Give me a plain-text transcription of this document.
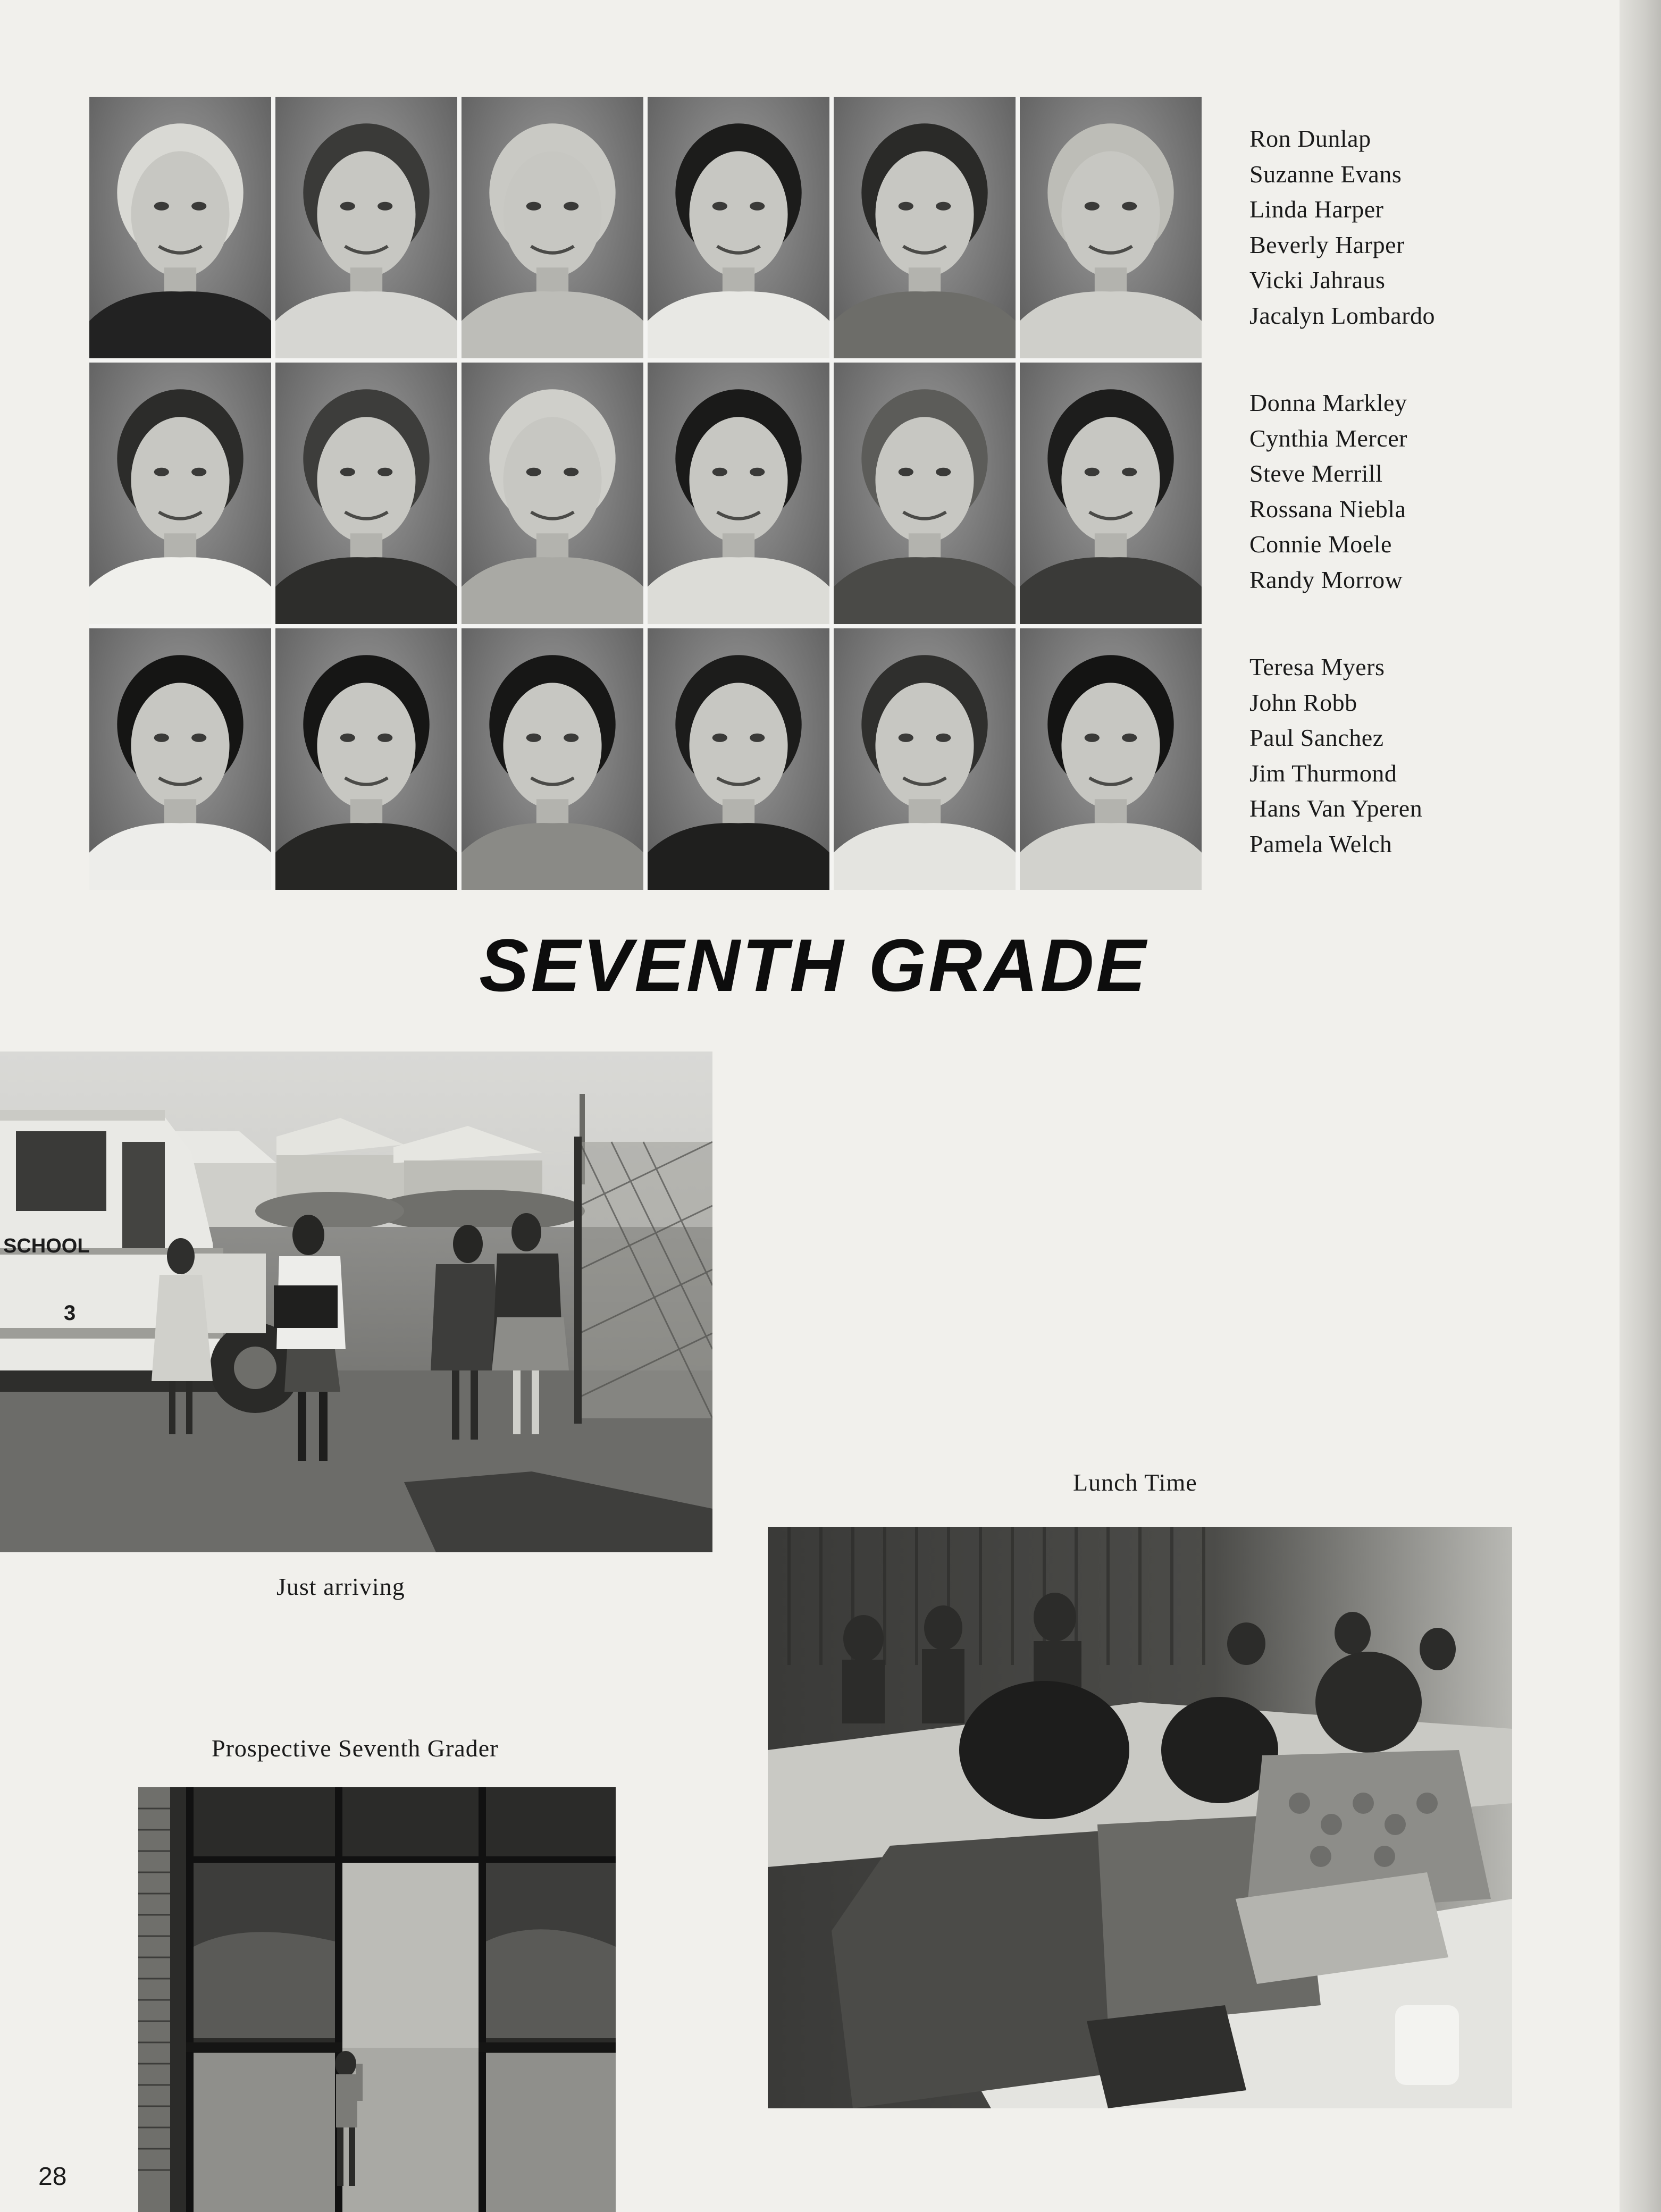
Ron Dunlap
Suzanne Evans
Linda Harper
Beverly Harper
Vicki Jahraus
Jacalyn Lombardo
Donna Markley
Cynthia Mercer
Steve Merrill
Rossana Niebla
Connie Moele
Randy Morrow
Teresa Myers
John Robb
Paul Sanchez
Jim Thurmond
Hans Van Yperen
Pamela Welch
SEVENTH GRADE
SCHOOL
3
Just arriving
Lunch Time
Prospective Seventh Grader
28
